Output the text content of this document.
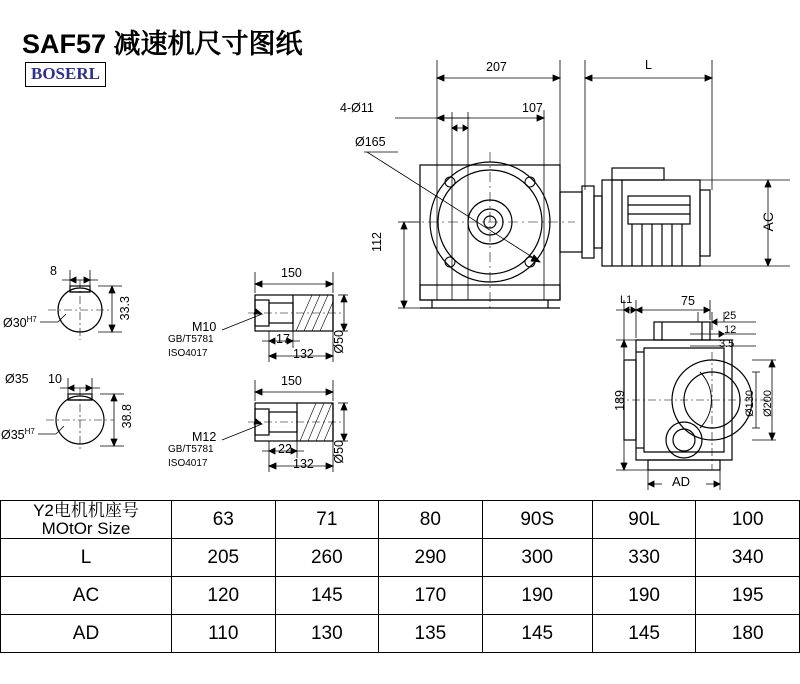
SAF57 减速机尺寸图纸
BOSERL	207	L
107
4-Ø11
Ø165
112
AC
8
$Ø30^{H7}$	33.3
Ø35 10
$Ø35^{H7}$
38.8
150
17
132
M10
GB/T5781
ISO4017	Ø50
150
22
132
M12
GB/T5781
ISO4017	Ø50
L1	75
25
12
3.5
189	Ø130 Ø200
AD
Y2电机机座号
MOtOr Size	63	71	80	90S	90L	100
L	205	260	290	300	330	340
AC	120	145	170	190	190	195
AD	110	130	135	145	145	180
